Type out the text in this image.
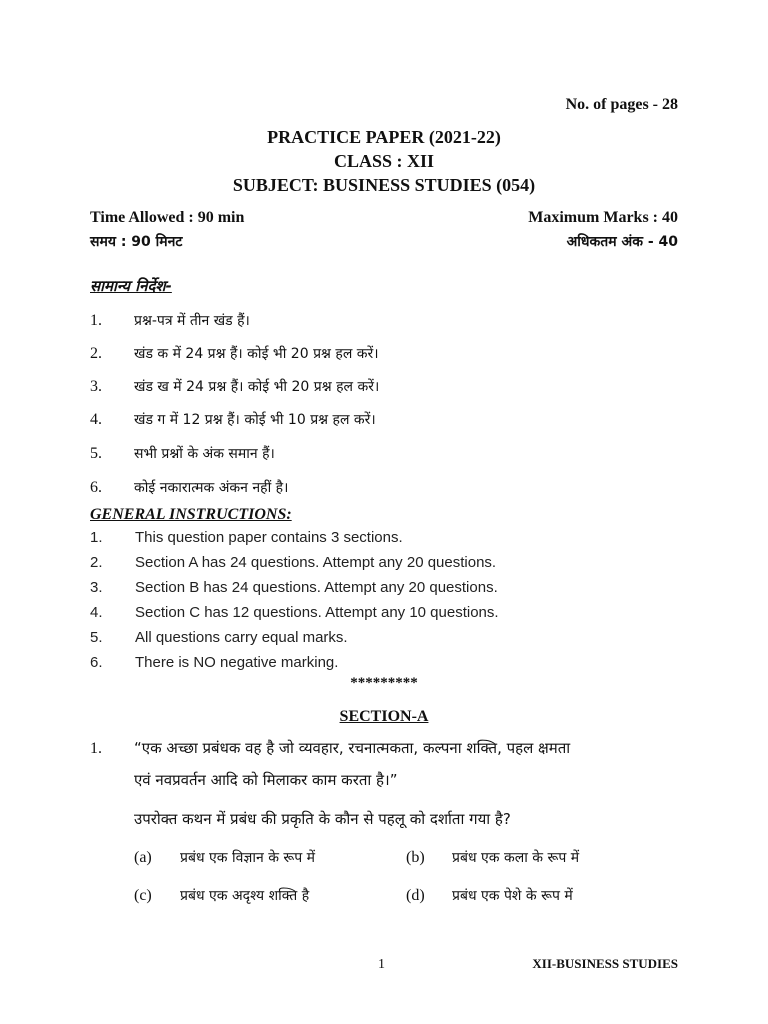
No. of pages - 28
PRACTICE PAPER (2021-22)
CLASS : XII
SUBJECT: BUSINESS STUDIES (054)
Time Allowed : 90 min	Maximum Marks : 40
समय : 90 मिनट	अधिकतम अंक - 40
सामान्य निर्देश-
1. प्रश्न-पत्र में तीन खंड हैं।
2. खंड क में 24 प्रश्न हैं। कोई भी 20 प्रश्न हल करें।
3. खंड ख में 24 प्रश्न हैं। कोई भी 20 प्रश्न हल करें।
4. खंड ग में 12 प्रश्न हैं। कोई भी 10 प्रश्न हल करें।
5. सभी प्रश्नों के अंक समान हैं।
6. कोई नकारात्मक अंकन नहीं है।
GENERAL INSTRUCTIONS:
1. This question paper contains 3 sections.
2. Section A has 24 questions. Attempt any 20 questions.
3. Section B has 24 questions. Attempt any 20 questions.
4. Section C has 12 questions. Attempt any 10 questions.
5. All questions carry equal marks.
6. There is NO negative marking.
*********
SECTION-A
1. “एक अच्छा प्रबंधक वह है जो व्यवहार, रचनात्मकता, कल्पना शक्ति, पहल क्षमता
एवं नवप्रवर्तन आदि को मिलाकर काम करता है।”
उपरोक्त कथन में प्रबंध की प्रकृति के कौन से पहलू को दर्शाता गया है?
(a) प्रबंध एक विज्ञान के रूप में	(b) प्रबंध एक कला के रूप में
(c) प्रबंध एक अदृश्य शक्ति है	(d) प्रबंध एक पेशे के रूप में
1	XII-BUSINESS STUDIES
